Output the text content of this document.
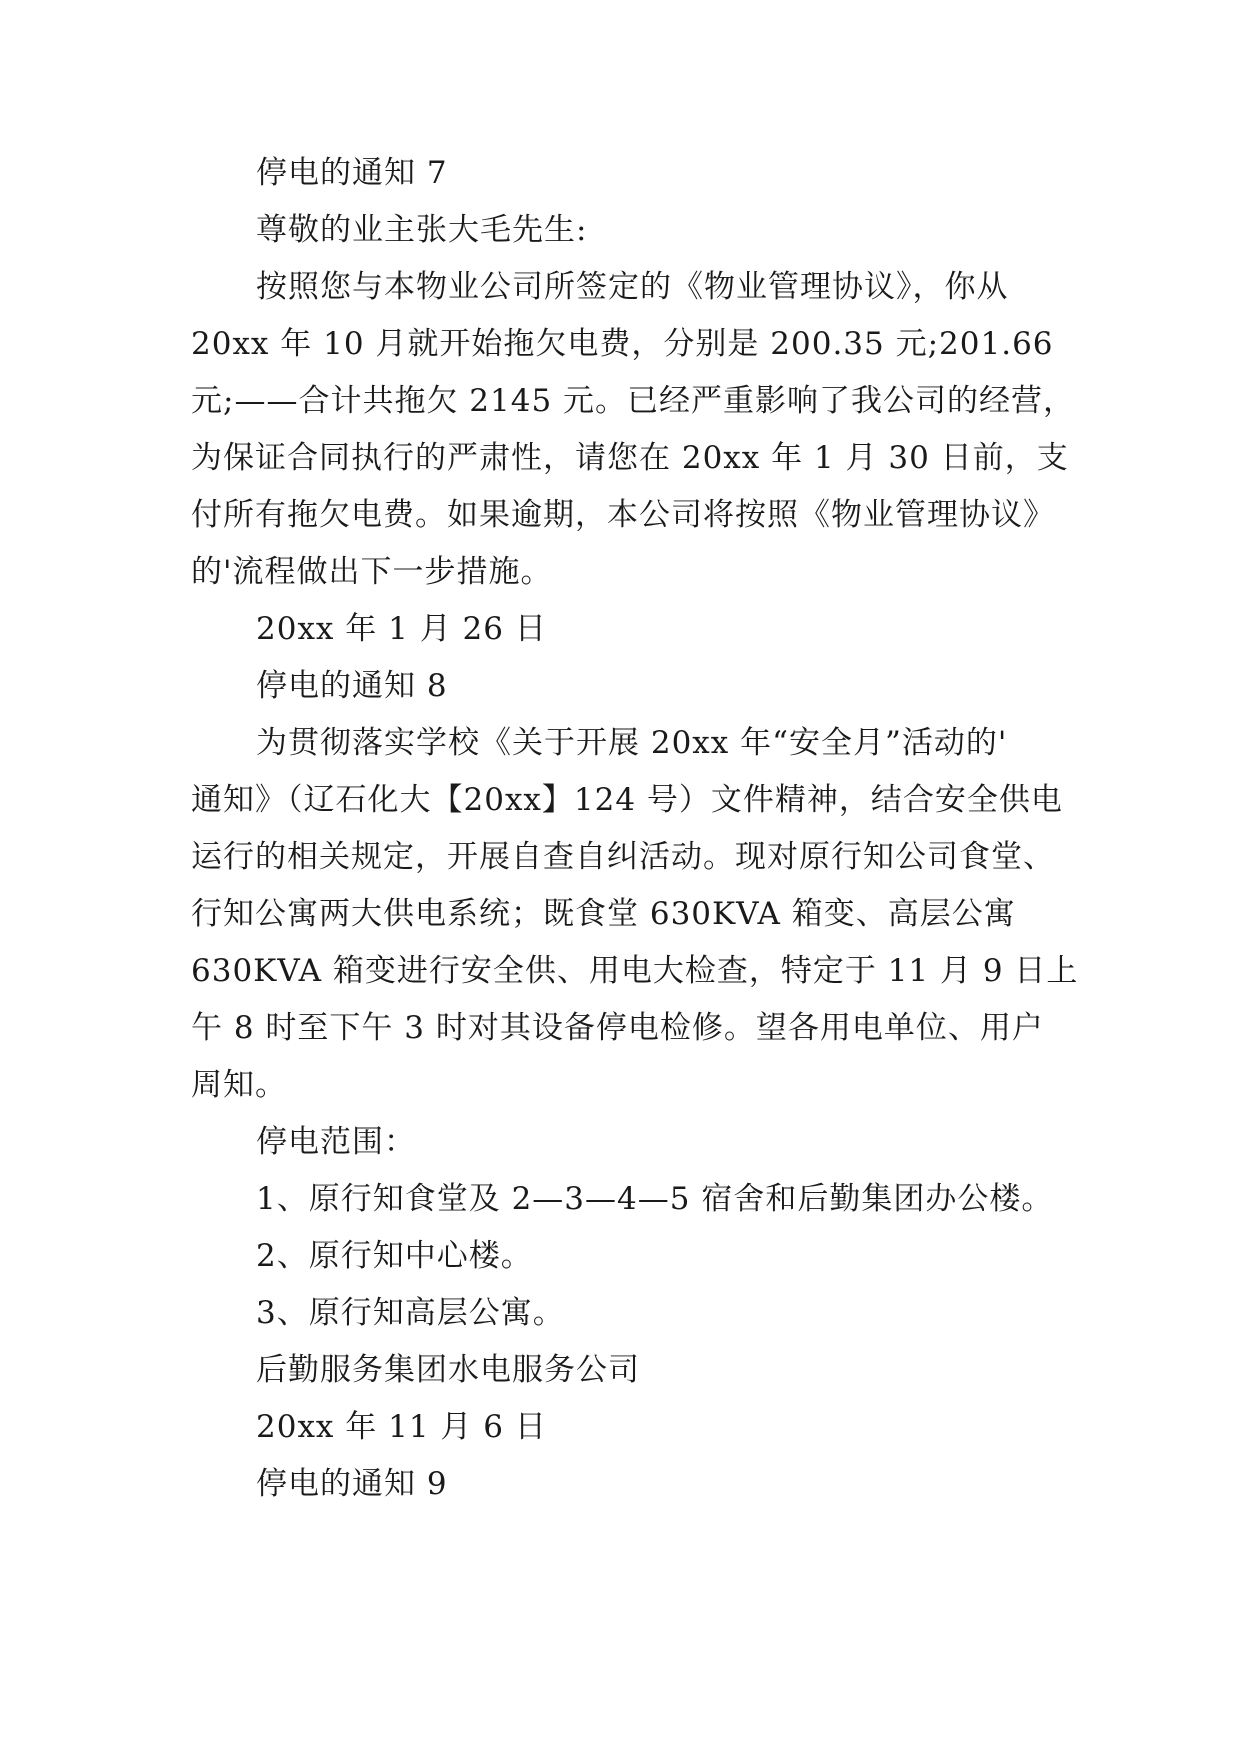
停电的通知 7
尊敬的业主张大毛先生:
按照您与本物业公司所签定的《物业管理协议》，你从
20xx 年 10 月就开始拖欠电费，分别是 200.35 元;201.66
元;——合计共拖欠 2145 元。已经严重影响了我公司的经营，
为保证合同执行的严肃性，请您在 20xx 年 1 月 30 日前，支
付所有拖欠电费。如果逾期，本公司将按照《物业管理协议》
的'流程做出下一步措施。
20xx 年 1 月 26 日
停电的通知 8
为贯彻落实学校《关于开展 20xx 年“安全月”活动的'
通知》（辽石化大【20xx】124 号）文件精神，结合安全供电
运行的相关规定，开展自查自纠活动。现对原行知公司食堂、
行知公寓两大供电系统；既食堂 630KVA 箱变、高层公寓
630KVA 箱变进行安全供、用电大检查，特定于 11 月 9 日上
午 8 时至下午 3 时对其设备停电检修。望各用电单位、用户
周知。
停电范围：
1、原行知食堂及 2—3—4—5 宿舍和后勤集团办公楼。
2、原行知中心楼。
3、原行知高层公寓。
后勤服务集团水电服务公司
20xx 年 11 月 6 日
停电的通知 9
